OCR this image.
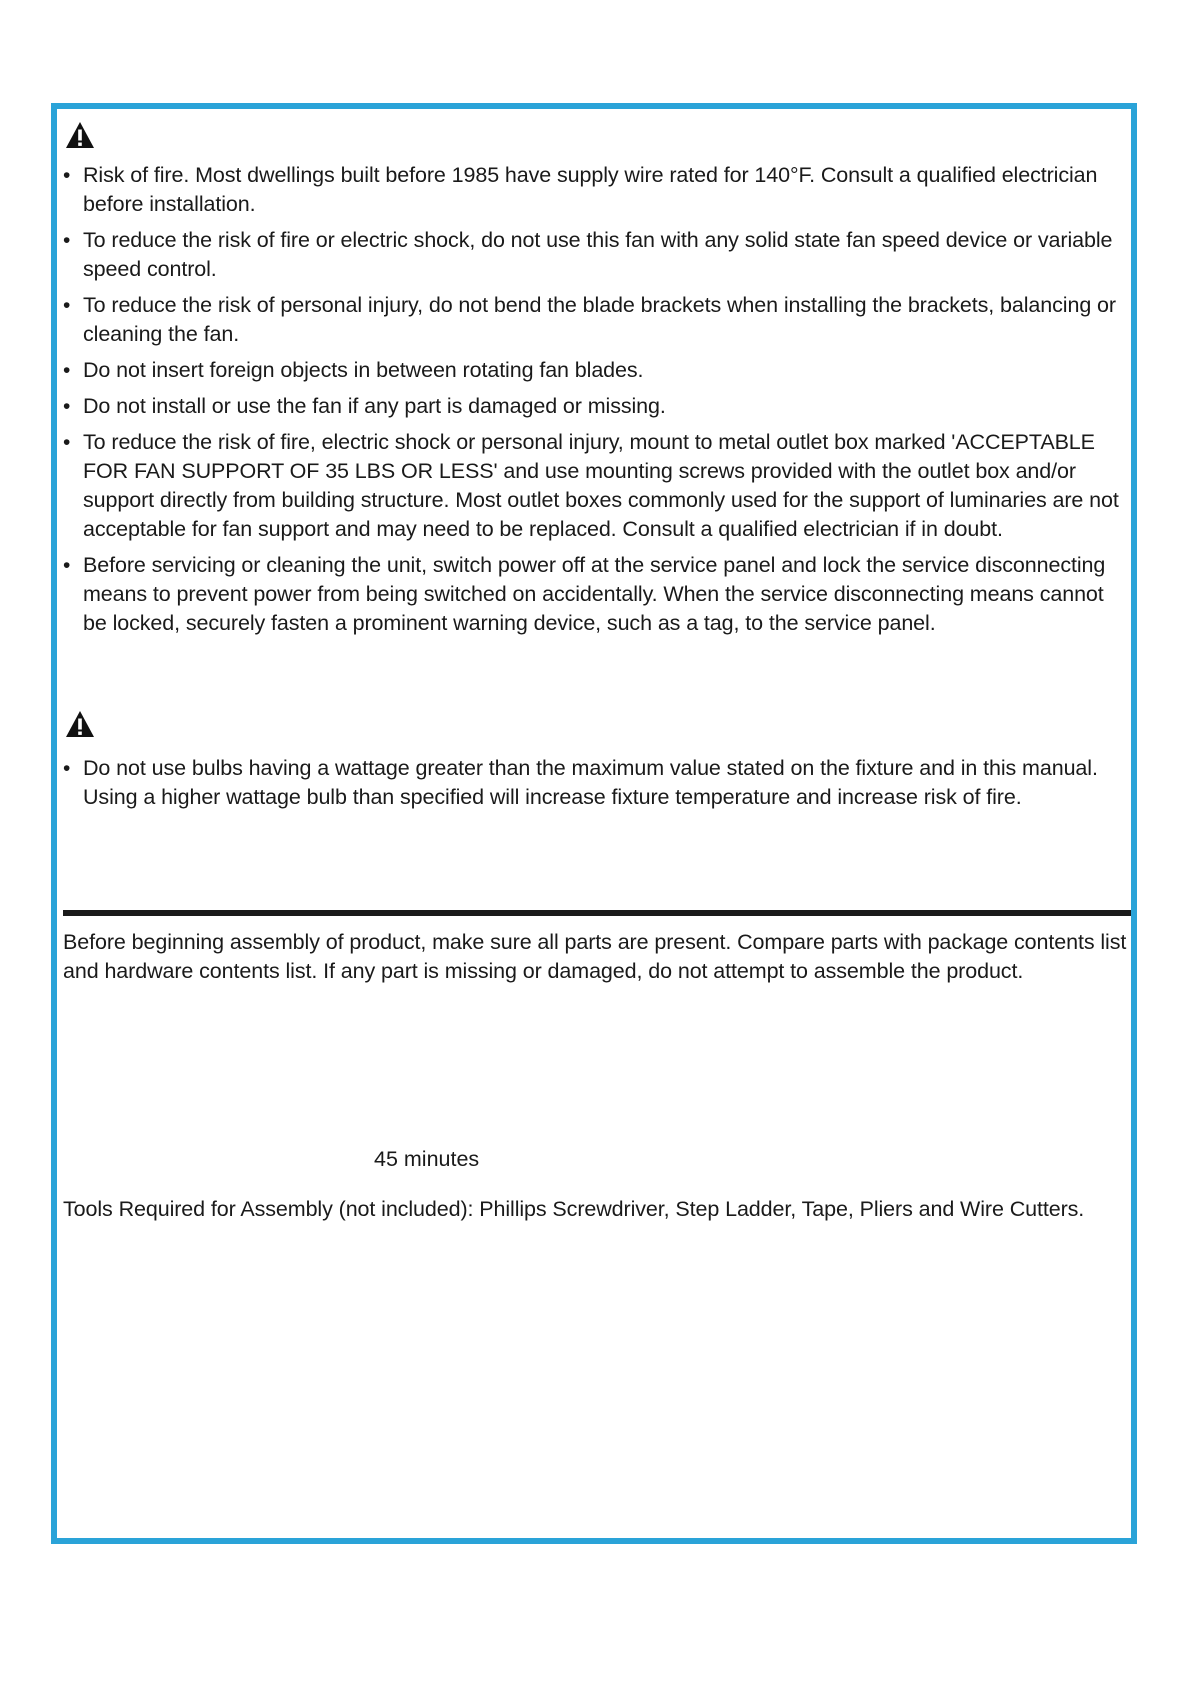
• Risk of fire. Most dwellings built before 1985 have supply wire rated for 140°F. Consult a qualified electrician before installation.
• To reduce the risk of fire or electric shock, do not use this fan with any solid state fan speed device or variable speed control.
• To reduce the risk of personal injury, do not bend the blade brackets when installing the brackets, balancing or cleaning the fan.
• Do not insert foreign objects in between rotating fan blades.
• Do not install or use the fan if any part is damaged or missing.
• To reduce the risk of fire, electric shock or personal injury, mount to metal outlet box marked 'ACCEPTABLE FOR FAN SUPPORT OF 35 LBS OR LESS' and use mounting screws provided with the outlet box and/or support directly from building structure. Most outlet boxes commonly used for the support of luminaries are not acceptable for fan support and may need to be replaced. Consult a qualified electrician if in doubt.
• Before servicing or cleaning the unit, switch power off at the service panel and lock the service disconnecting means to prevent power from being switched on accidentally. When the service disconnecting means cannot be locked, securely fasten a prominent warning device, such as a tag, to the service panel.
• Do not use bulbs having a wattage greater than the maximum value stated on the fixture and in this manual. Using a higher wattage bulb than specified will increase fixture temperature and increase risk of fire.

Before beginning assembly of product, make sure all parts are present. Compare parts with package contents list and hardware contents list. If any part is missing or damaged, do not attempt to assemble the product.

45 minutes

Tools Required for Assembly (not included): Phillips Screwdriver, Step Ladder, Tape, Pliers and Wire Cutters.
